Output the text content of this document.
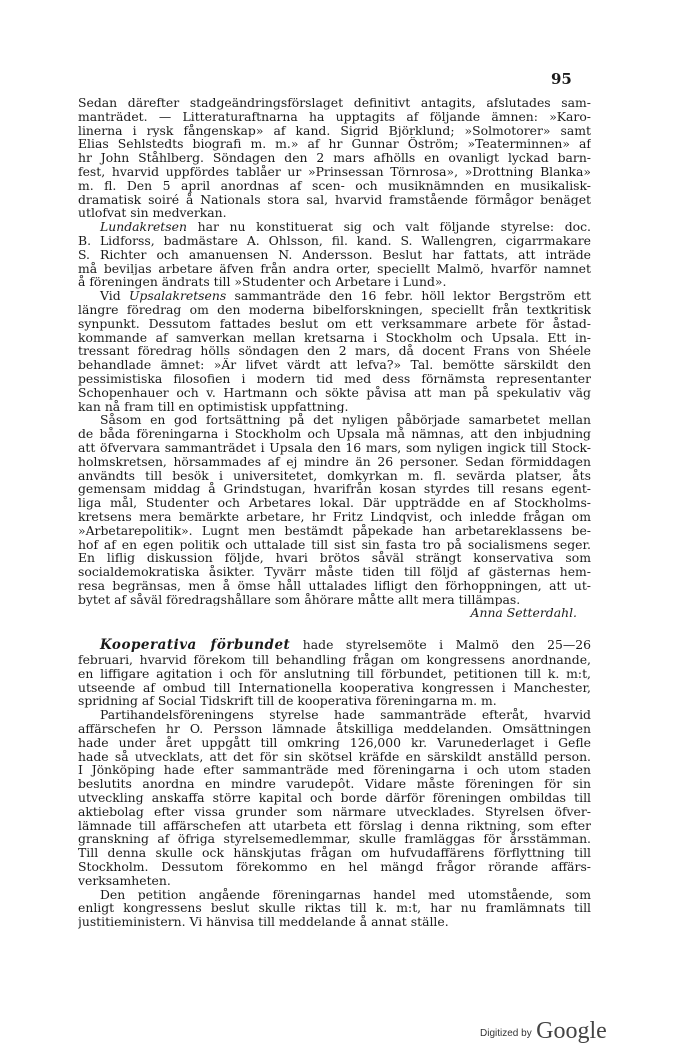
95
Sedan därefter stadgeändringsförslaget definitivt antagits, afslutades sam-
manträdet. — Litteraturaftnarna ha upptagits af följande ämnen: »Karo-
linerna i rysk fångenskap» af kand. Sigrid Björklund; »Solmotorer» samt
Elias Sehlstedts biografi m. m.» af hr Gunnar Öström; »Teaterminnen» af
hr John Ståhlberg. Söndagen den 2 mars afhölls en ovanligt lyckad barn-
fest, hvarvid uppfördes tablåer ur »Prinsessan Törnrosa», »Drottning Blanka»
m. fl. Den 5 april anordnas af scen- och musiknämnden en musikalisk-
dramatisk soiré å Nationals stora sal, hvarvid framstående förmågor benäget
utlofvat sin medverkan.
Lundakretsen har nu konstituerat sig och valt följande styrelse: doc.
B. Lidforss, badmästare A. Ohlsson, fil. kand. S. Wallengren, cigarrmakare
S. Richter och amanuensen N. Andersson. Beslut har fattats, att inträde
må beviljas arbetare äfven från andra orter, speciellt Malmö, hvarför namnet
å föreningen ändrats till »Studenter och Arbetare i Lund».
Vid Upsalakretsens sammanträde den 16 febr. höll lektor Bergström ett
längre föredrag om den moderna bibelforskningen, speciellt från textkritisk
synpunkt. Dessutom fattades beslut om ett verksammare arbete för åstad-
kommande af samverkan mellan kretsarna i Stockholm och Upsala. Ett in-
tressant föredrag hölls söndagen den 2 mars, då docent Frans von Shéele
behandlade ämnet: »Är lifvet värdt att lefva?» Tal. bemötte särskildt den
pessimistiska filosofien i modern tid med dess förnämsta representanter
Schopenhauer och v. Hartmann och sökte påvisa att man på spekulativ väg
kan nå fram till en optimistisk uppfattning.
Såsom en god fortsättning på det nyligen påbörjade samarbetet mellan
de båda föreningarna i Stockholm och Upsala må nämnas, att den inbjudning
att öfvervara sammanträdet i Upsala den 16 mars, som nyligen ingick till Stock-
holmskretsen, hörsammades af ej mindre än 26 personer. Sedan förmiddagen
användts till besök i universitetet, domkyrkan m. fl. sevärda platser, åts
gemensam middag å Grindstugan, hvarifrån kosan styrdes till resans egent-
liga mål, Studenter och Arbetares lokal. Där uppträdde en af Stockholms-
kretsens mera bemärkte arbetare, hr Fritz Lindqvist, och inledde frågan om
»Arbetarepolitik». Lugnt men bestämdt påpekade han arbetareklassens be-
hof af en egen politik och uttalade till sist sin fasta tro på socialismens seger.
En liflig diskussion följde, hvari brötos såväl strängt konservativa som
socialdemokratiska åsikter. Tyvärr måste tiden till följd af gästernas hem-
resa begränsas, men å ömse håll uttalades lifligt den förhoppningen, att ut-
bytet af såväl föredragshållare som åhörare måtte allt mera tillämpas.
Anna Setterdahl.
Kooperativa förbundet hade styrelsemöte i Malmö den 25—26
februari, hvarvid förekom till behandling frågan om kongressens anordnande,
en liffigare agitation i och för anslutning till förbundet, petitionen till k. m:t,
utseende af ombud till Internationella kooperativa kongressen i Manchester,
spridning af Social Tidskrift till de kooperativa föreningarna m. m.
Partihandelsföreningens styrelse hade sammanträde efteråt, hvarvid
affärschefen hr O. Persson lämnade åtskilliga meddelanden. Omsättningen
hade under året uppgått till omkring 126,000 kr. Varunederlaget i Gefle
hade så utvecklats, att det för sin skötsel kräfde en särskildt anställd person.
I Jönköping hade efter sammanträde med föreningarna i och utom staden
beslutits anordna en mindre varudepôt. Vidare måste föreningen för sin
utveckling anskaffa större kapital och borde därför föreningen ombildas till
aktiebolag efter vissa grunder som närmare utvecklades. Styrelsen öfver-
lämnade till affärschefen att utarbeta ett förslag i denna riktning, som efter
granskning af öfriga styrelsemedlemmar, skulle framläggas för årsstämman.
Till denna skulle ock hänskjutas frågan om hufvudaffärens förflyttning till
Stockholm. Dessutom förekommo en hel mängd frågor rörande affärs-
verksamheten.
Den petition angående föreningarnas handel med utomstående, som
enligt kongressens beslut skulle riktas till k. m:t, har nu framlämnats till
justitieministern. Vi hänvisa till meddelande å annat ställe.
Digitized by Google
